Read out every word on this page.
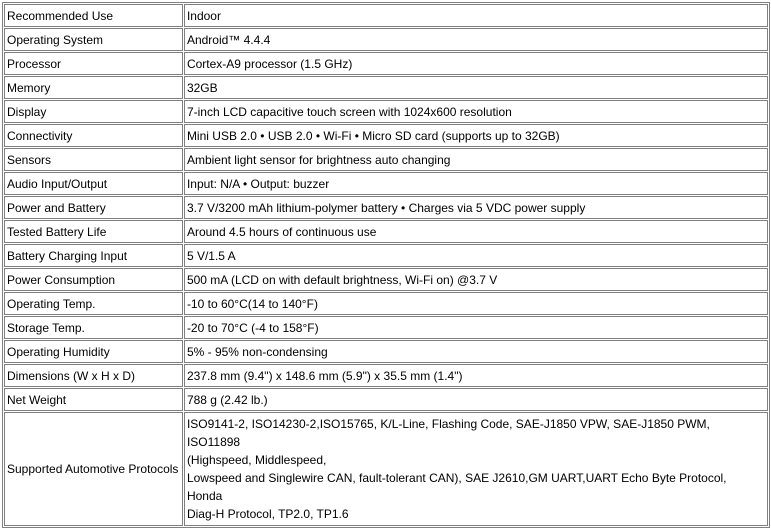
Recommended Use	Indoor
Operating System	Android™ 4.4.4
Processor	Cortex-A9 processor (1.5 GHz)
Memory	32GB
Display	7-inch LCD capacitive touch screen with 1024x600 resolution
Connectivity	Mini USB 2.0 • USB 2.0 • Wi-Fi • Micro SD card (supports up to 32GB)
Sensors	Ambient light sensor for brightness auto changing
Audio Input/Output	Input: N/A • Output: buzzer
Power and Battery	3.7 V/3200 mAh lithium-polymer battery • Charges via 5 VDC power supply
Tested Battery Life	Around 4.5 hours of continuous use
Battery Charging Input	5 V/1.5 A
Power Consumption	500 mA (LCD on with default brightness, Wi-Fi on) @3.7 V
Operating Temp.	-10 to 60°C(14 to 140°F)
Storage Temp.	-20 to 70°C (-4 to 158°F)
Operating Humidity	5% - 95% non-condensing
Dimensions (W x H x D)	237.8 mm (9.4") x 148.6 mm (5.9") x 35.5 mm (1.4")
Net Weight	788 g (2.42 lb.)
Supported Automotive Protocols	ISO9141-2, ISO14230-2,ISO15765, K/L-Line, Flashing Code, SAE-J1850 VPW, SAE-J1850 PWM, ISO11898
(Highspeed, Middlespeed,
Lowspeed and Singlewire CAN, fault-tolerant CAN), SAE J2610,GM UART,UART Echo Byte Protocol, Honda
Diag-H Protocol, TP2.0, TP1.6
